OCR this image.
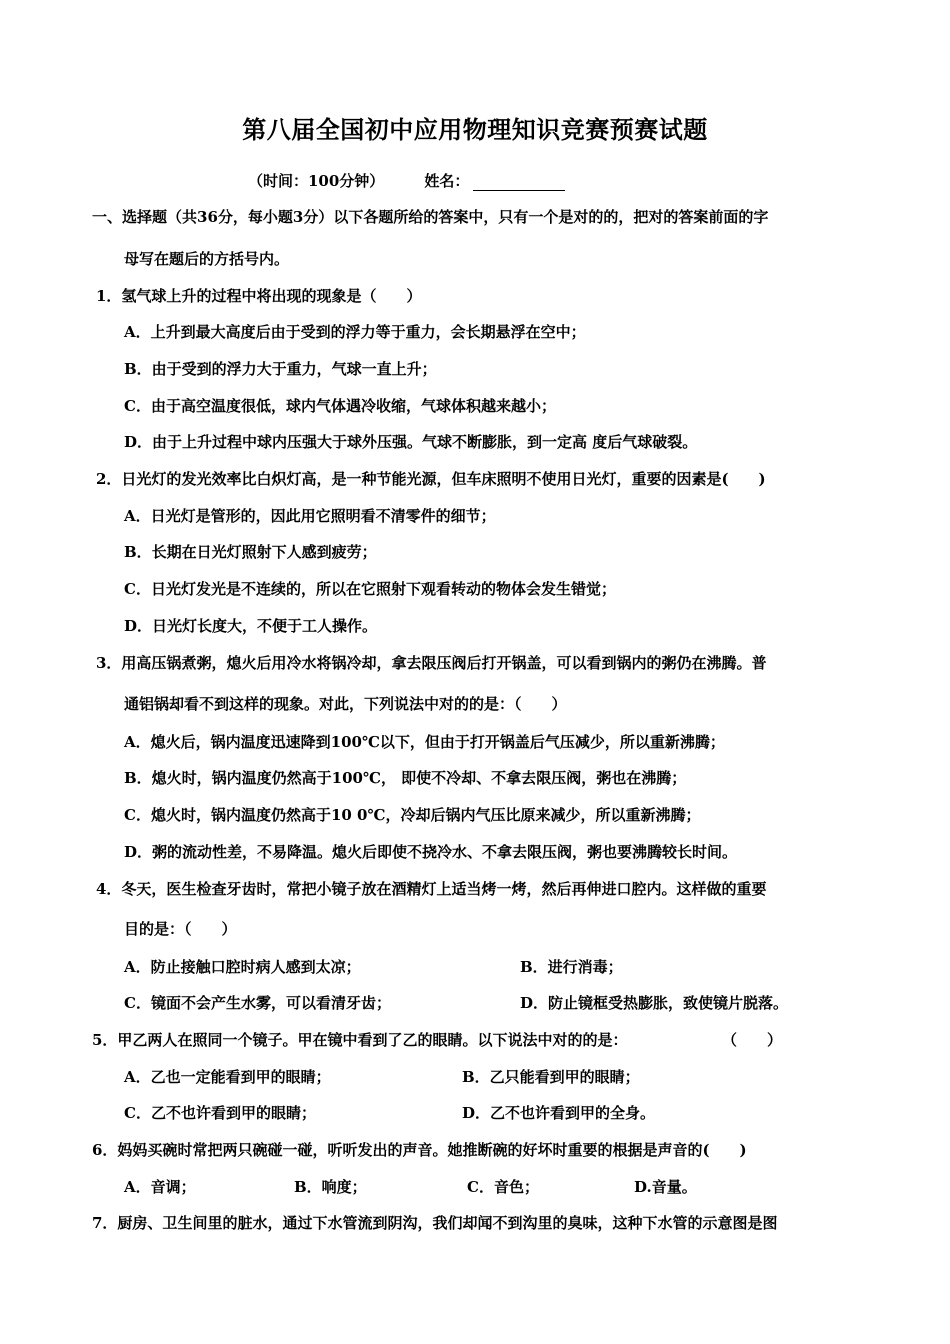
第八届全国初中应用物理知识竞赛预赛试题
（时间：100分钟）	姓名：
一、选择题（共36分，每小题3分）以下各题所给的答案中，只有一个是对的的，把对的答案前面的字
母写在题后的方括号内。
1．氢气球上升的过程中将出现的现象是（　　）
A．上升到最大高度后由于受到的浮力等于重力，会长期悬浮在空中；
B．由于受到的浮力大于重力，气球一直上升；
C．由于高空温度很低，球内气体遇冷收缩，气球体积越来越小；
D．由于上升过程中球内压强大于球外压强。气球不断膨胀，到一定高 度后气球破裂。
2．日光灯的发光效率比白炽灯高，是一种节能光源，但车床照明不使用日光灯，重要的因素是(　　)
A．日光灯是管形的，因此用它照明看不清零件的细节；
B．长期在日光灯照射下人感到疲劳；
C．日光灯发光是不连续的，所以在它照射下观看转动的物体会发生错觉；
D．日光灯长度大，不便于工人操作。
3．用高压锅煮粥，熄火后用冷水将锅冷却，拿去限压阀后打开锅盖，可以看到锅内的粥仍在沸腾。普
通铝锅却看不到这样的现象。对此，下列说法中对的的是：（　　）
A．熄火后，锅内温度迅速降到100℃以下，但由于打开锅盖后气压减少，所以重新沸腾；
B．熄火时，锅内温度仍然高于100℃， 即使不冷却、不拿去限压阀，粥也在沸腾；
C．熄火时，锅内温度仍然高于10 0℃，冷却后锅内气压比原来减少，所以重新沸腾；
D．粥的流动性差，不易降温。熄火后即使不挠冷水、不拿去限压阀，粥也要沸腾较长时间。
4．冬天，医生检查牙齿时，常把小镜子放在酒精灯上适当烤一烤，然后再伸进口腔内。这样做的重要
目的是：（　　）
A．防止接触口腔时病人感到太凉；	B．进行消毒；
C．镜面不会产生水雾，可以看清牙齿；	D．防止镜框受热膨胀，致使镜片脱落。
5．甲乙两人在照同一个镜子。甲在镜中看到了乙的眼睛。以下说法中对的的是：	（　　）
A．乙也一定能看到甲的眼睛；	B．乙只能看到甲的眼睛；
C．乙不也许看到甲的眼睛；	D．乙不也许看到甲的全身。
6．妈妈买碗时常把两只碗碰一碰，听听发出的声音。她推断碗的好坏时重要的根据是声音的(　　)
A．音调；	B．响度；	C．音色；	D.音量。
7．厨房、卫生间里的脏水，通过下水管流到阴沟，我们却闻不到沟里的臭味，这种下水管的示意图是图
